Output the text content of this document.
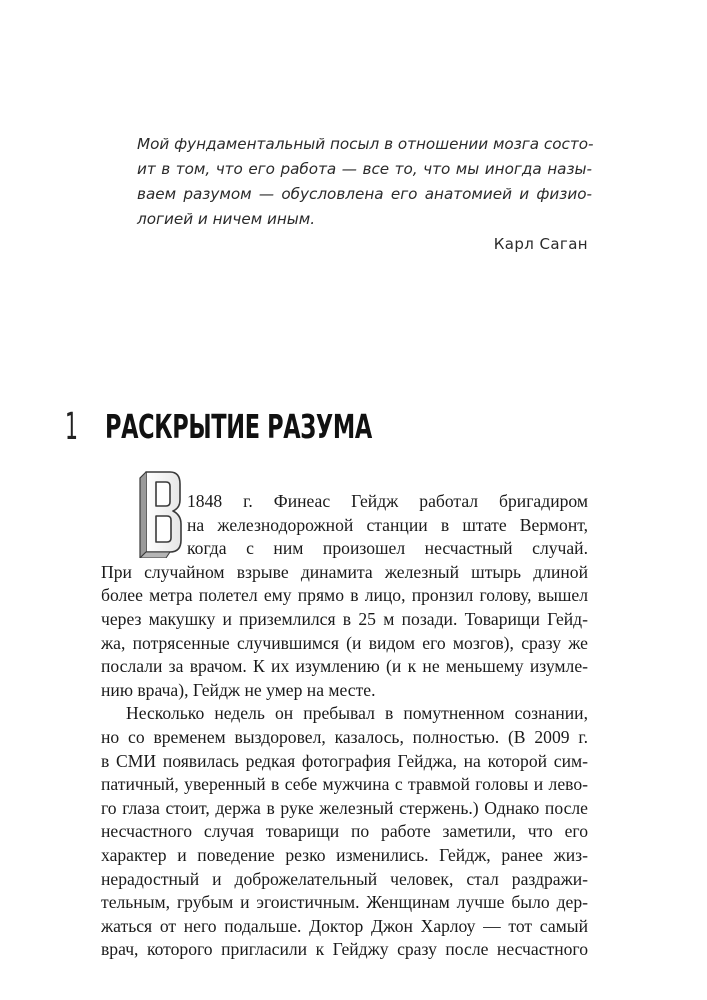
Мой фундаментальный посыл в отношении мозга состо-
ит в том, что его работа — все то, что мы иногда назы-
ваем разумом — обусловлена его анатомией и физио-
логией и ничем иным.
Карл Саган
1 РАСКРЫТИЕ РАЗУМА
1848 г. Финеас Гейдж работал бригадиром
на железнодорожной станции в штате Вермонт,
когда с ним произошел несчастный случай.
При случайном взрыве динамита железный штырь длиной
более метра полетел ему прямо в лицо, пронзил голову, вышел
через макушку и приземлился в 25 м позади. Товарищи Гейд-
жа, потрясенные случившимся (и видом его мозгов), сразу же
послали за врачом. К их изумлению (и к не меньшему изумле-
нию врача), Гейдж не умер на месте.
Несколько недель он пребывал в помутненном сознании,
но со временем выздоровел, казалось, полностью. (В 2009 г.
в СМИ появилась редкая фотография Гейджа, на которой сим-
патичный, уверенный в себе мужчина с травмой головы и лево-
го глаза стоит, держа в руке железный стержень.) Однако после
несчастного случая товарищи по работе заметили, что его
характер и поведение резко изменились. Гейдж, ранее жиз-
нерадостный и доброжелательный человек, стал раздражи-
тельным, грубым и эгоистичным. Женщинам лучше было дер-
жаться от него подальше. Доктор Джон Харлоу — тот самый
врач, которого пригласили к Гейджу сразу после несчастного
